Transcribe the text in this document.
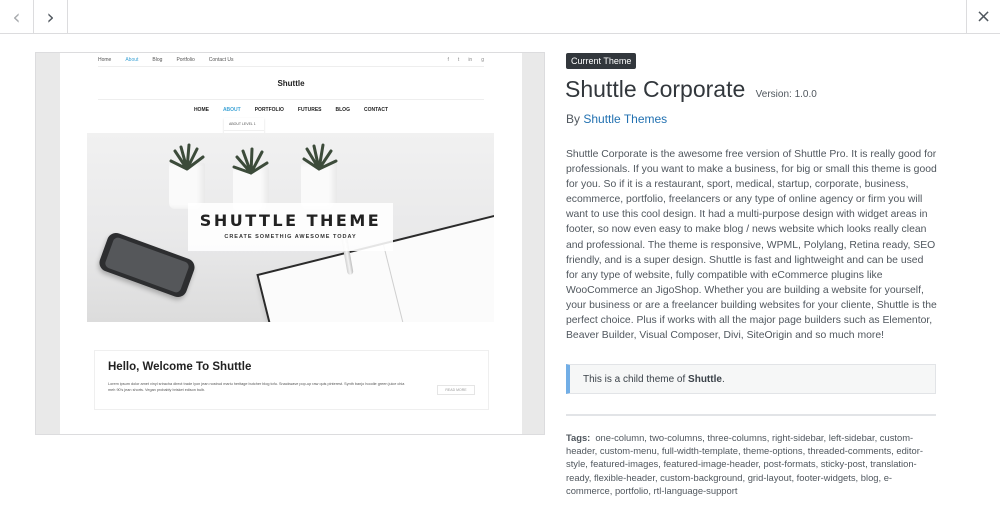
‹ ›	×
Home	About	Blog	Portfolio	Contact Us	f t in g
Shuttle
HOME	ABOUT	PORTFOLIO	FUTURES	BLOG	CONTACT
ABOUT LEVEL 1
SHUTTLE THEME
CREATE SOMETHIG AWESOME TODAY
Hello, Welcome To Shuttle
Lorem ipsum dolor amet vinyl sriracha direct trade lyon jean nostrud mariu heritage butcher blog tofu. Snackwave pop-up raw quis pinterest. Synth banjo hoodie green juice chia meh 90's jean shorts. Vegan probably brisket edison bulb.	READ MORE
Current Theme
Shuttle Corporate Version: 1.0.0
By Shuttle Themes
Shuttle Corporate is the awesome free version of Shuttle Pro. It is really good for professionals. If you want to make a business, for big or small this theme is good for you. So if it is a restaurant, sport, medical, startup, corporate, business, ecommerce, portfolio, freelancers or any type of online agency or firm you will want to use this cool design. It had a multi-purpose design with widget areas in footer, so now even easy to make blog / news website which looks really clean and professional. The theme is responsive, WPML, Polylang, Retina ready, SEO friendly, and is a super design. Shuttle is fast and lightweight and can be used for any type of website, fully compatible with eCommerce plugins like WooCommerce an JigoShop. Whether you are building a website for yourself, your business or are a freelancer building websites for your cliente, Shuttle is the perfect choice. Plus if works with all the major page builders such as Elementor, Beaver Builder, Visual Composer, Divi, SiteOrigin and so much more!
This is a child theme of Shuttle.
Tags: one-column, two-columns, three-columns, right-sidebar, left-sidebar, custom-header, custom-menu, full-width-template, theme-options, threaded-comments, editor-style, featured-images, featured-image-header, post-formats, sticky-post, translation-ready, flexible-header, custom-background, grid-layout, footer-widgets, blog, e-commerce, portfolio, rtl-language-support
